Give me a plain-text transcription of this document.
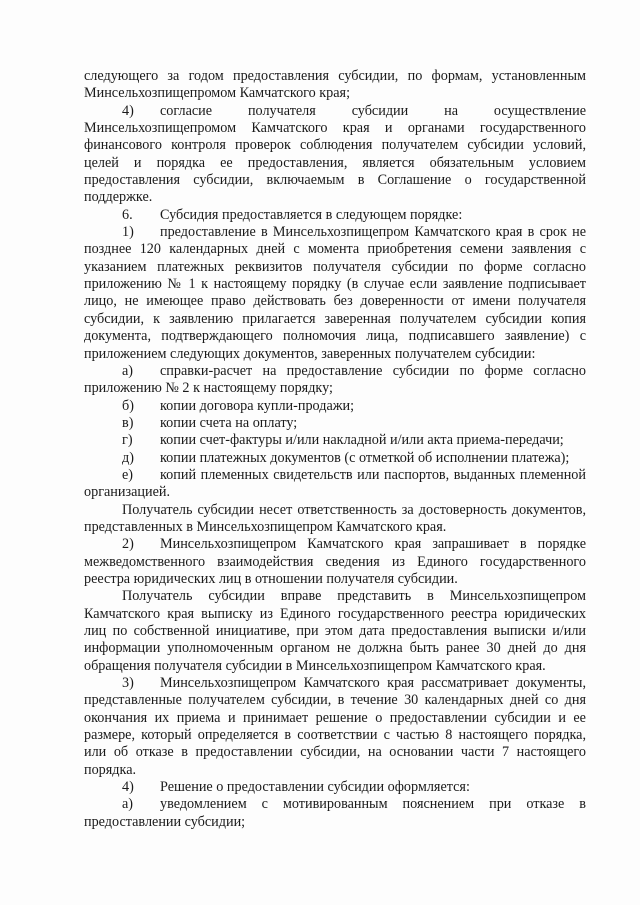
следующего за годом предоставления субсидии, по формам, установленным Минсельхозпищепромом Камчатского края;

4) согласие получателя субсидии на осуществление Минсельхозпищепромом Камчатского края и органами государственного финансового контроля проверок соблюдения получателем субсидии условий, целей и порядка ее предоставления, является обязательным условием предоставления субсидии, включаемым в Соглашение о государственной поддержке.

6. Субсидия предоставляется в следующем порядке:

1) предоставление в Минсельхозпищепром Камчатского края в срок не позднее 120 календарных дней с момента приобретения семени заявления с указанием платежных реквизитов получателя субсидии по форме согласно приложению № 1 к настоящему порядку (в случае если заявление подписывает лицо, не имеющее право действовать без доверенности от имени получателя субсидии, к заявлению прилагается заверенная получателем субсидии копия документа, подтверждающего полномочия лица, подписавшего заявление) с приложением следующих документов, заверенных получателем субсидии:

а) справки-расчет на предоставление субсидии по форме согласно приложению № 2 к настоящему порядку;

б) копии договора купли-продажи;

в) копии счета на оплату;

г) копии счет-фактуры и/или накладной и/или акта приема-передачи;

д) копии платежных документов (с отметкой об исполнении платежа);

е) копий племенных свидетельств или паспортов, выданных племенной организацией.

Получатель субсидии несет ответственность за достоверность документов, представленных в Минсельхозпищепром Камчатского края.

2) Минсельхозпищепром Камчатского края запрашивает в порядке межведомственного взаимодействия сведения из Единого государственного реестра юридических лиц в отношении получателя субсидии.

Получатель субсидии вправе представить в Минсельхозпищепром Камчатского края выписку из Единого государственного реестра юридических лиц по собственной инициативе, при этом дата предоставления выписки и/или информации уполномоченным органом не должна быть ранее 30 дней до дня обращения получателя субсидии в Минсельхозпищепром Камчатского края.

3) Минсельхозпищепром Камчатского края рассматривает документы, представленные получателем субсидии, в течение 30 календарных дней со дня окончания их приема и принимает решение о предоставлении субсидии и ее размере, который определяется в соответствии с частью 8 настоящего порядка, или об отказе в предоставлении субсидии, на основании части 7 настоящего порядка.

4) Решение о предоставлении субсидии оформляется:

а) уведомлением с мотивированным пояснением при отказе в предоставлении субсидии;
